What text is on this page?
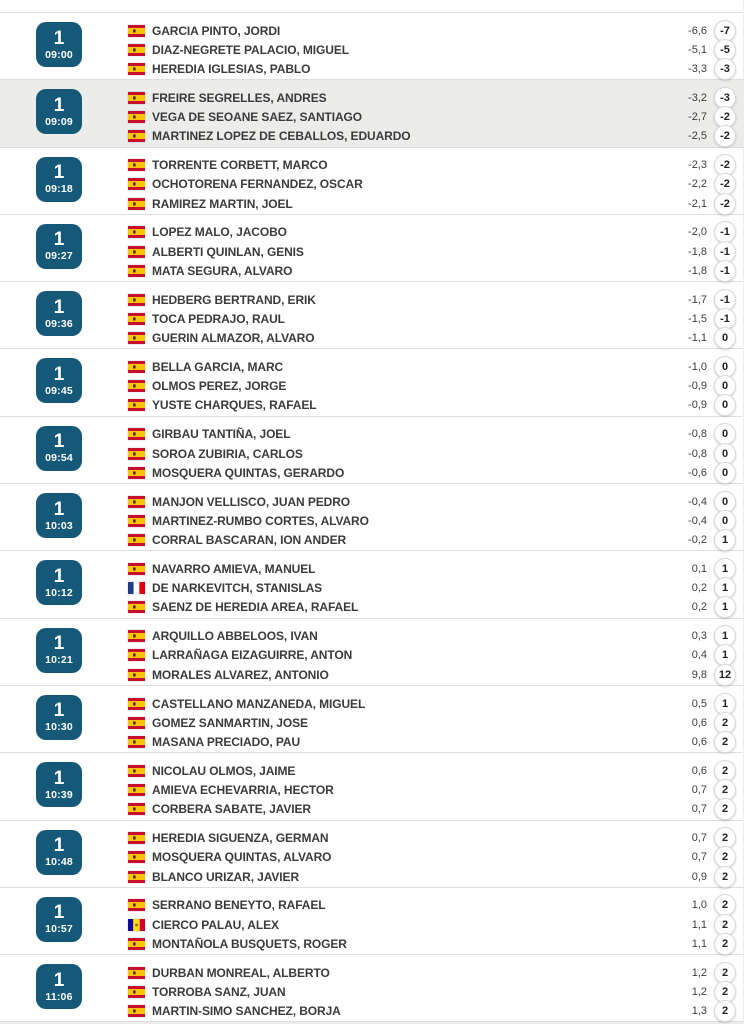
1
09:00
GARCIA PINTO, JORDI	-6,6	-7
DIAZ-NEGRETE PALACIO, MIGUEL	-5,1	-5
HEREDIA IGLESIAS, PABLO	-3,3	-3
1
09:09
FREIRE SEGRELLES, ANDRES	-3,2	-3
VEGA DE SEOANE SAEZ, SANTIAGO	-2,7	-2
MARTINEZ LOPEZ DE CEBALLOS, EDUARDO	-2,5	-2
1
09:18
TORRENTE CORBETT, MARCO	-2,3	-2
OCHOTORENA FERNANDEZ, OSCAR	-2,2	-2
RAMIREZ MARTIN, JOEL	-2,1	-2
1
09:27
LOPEZ MALO, JACOBO	-2,0	-1
ALBERTI QUINLAN, GENIS	-1,8	-1
MATA SEGURA, ALVARO	-1,8	-1
1
09:36
HEDBERG BERTRAND, ERIK	-1,7	-1
TOCA PEDRAJO, RAUL	-1,5	-1
GUERIN ALMAZOR, ALVARO	-1,1	0
1
09:45
BELLA GARCIA, MARC	-1,0	0
OLMOS PEREZ, JORGE	-0,9	0
YUSTE CHARQUES, RAFAEL	-0,9	0
1
09:54
GIRBAU TANTIÑA, JOEL	-0,8	0
SOROA ZUBIRIA, CARLOS	-0,8	0
MOSQUERA QUINTAS, GERARDO	-0,6	0
1
10:03
MANJON VELLISCO, JUAN PEDRO	-0,4	0
MARTINEZ-RUMBO CORTES, ALVARO	-0,4	0
CORRAL BASCARAN, ION ANDER	-0,2	1
1
10:12
NAVARRO AMIEVA, MANUEL	0,1	1
DE NARKEVITCH, STANISLAS	0,2	1
SAENZ DE HEREDIA AREA, RAFAEL	0,2	1
1
10:21
ARQUILLO ABBELOOS, IVAN	0,3	1
LARRAÑAGA EIZAGUIRRE, ANTON	0,4	1
MORALES ALVAREZ, ANTONIO	9,8	12
1
10:30
CASTELLANO MANZANEDA, MIGUEL	0,5	1
GOMEZ SANMARTIN, JOSE	0,6	2
MASANA PRECIADO, PAU	0,6	2
1
10:39
NICOLAU OLMOS, JAIME	0,6	2
AMIEVA ECHEVARRIA, HECTOR	0,7	2
CORBERA SABATE, JAVIER	0,7	2
1
10:48
HEREDIA SIGUENZA, GERMAN	0,7	2
MOSQUERA QUINTAS, ALVARO	0,7	2
BLANCO URIZAR, JAVIER	0,9	2
1
10:57
SERRANO BENEYTO, RAFAEL	1,0	2
CIERCO PALAU, ALEX	1,1	2
MONTAÑOLA BUSQUETS, ROGER	1,1	2
1
11:06
DURBAN MONREAL, ALBERTO	1,2	2
TORROBA SANZ, JUAN	1,2	2
MARTIN-SIMO SANCHEZ, BORJA	1,3	2
